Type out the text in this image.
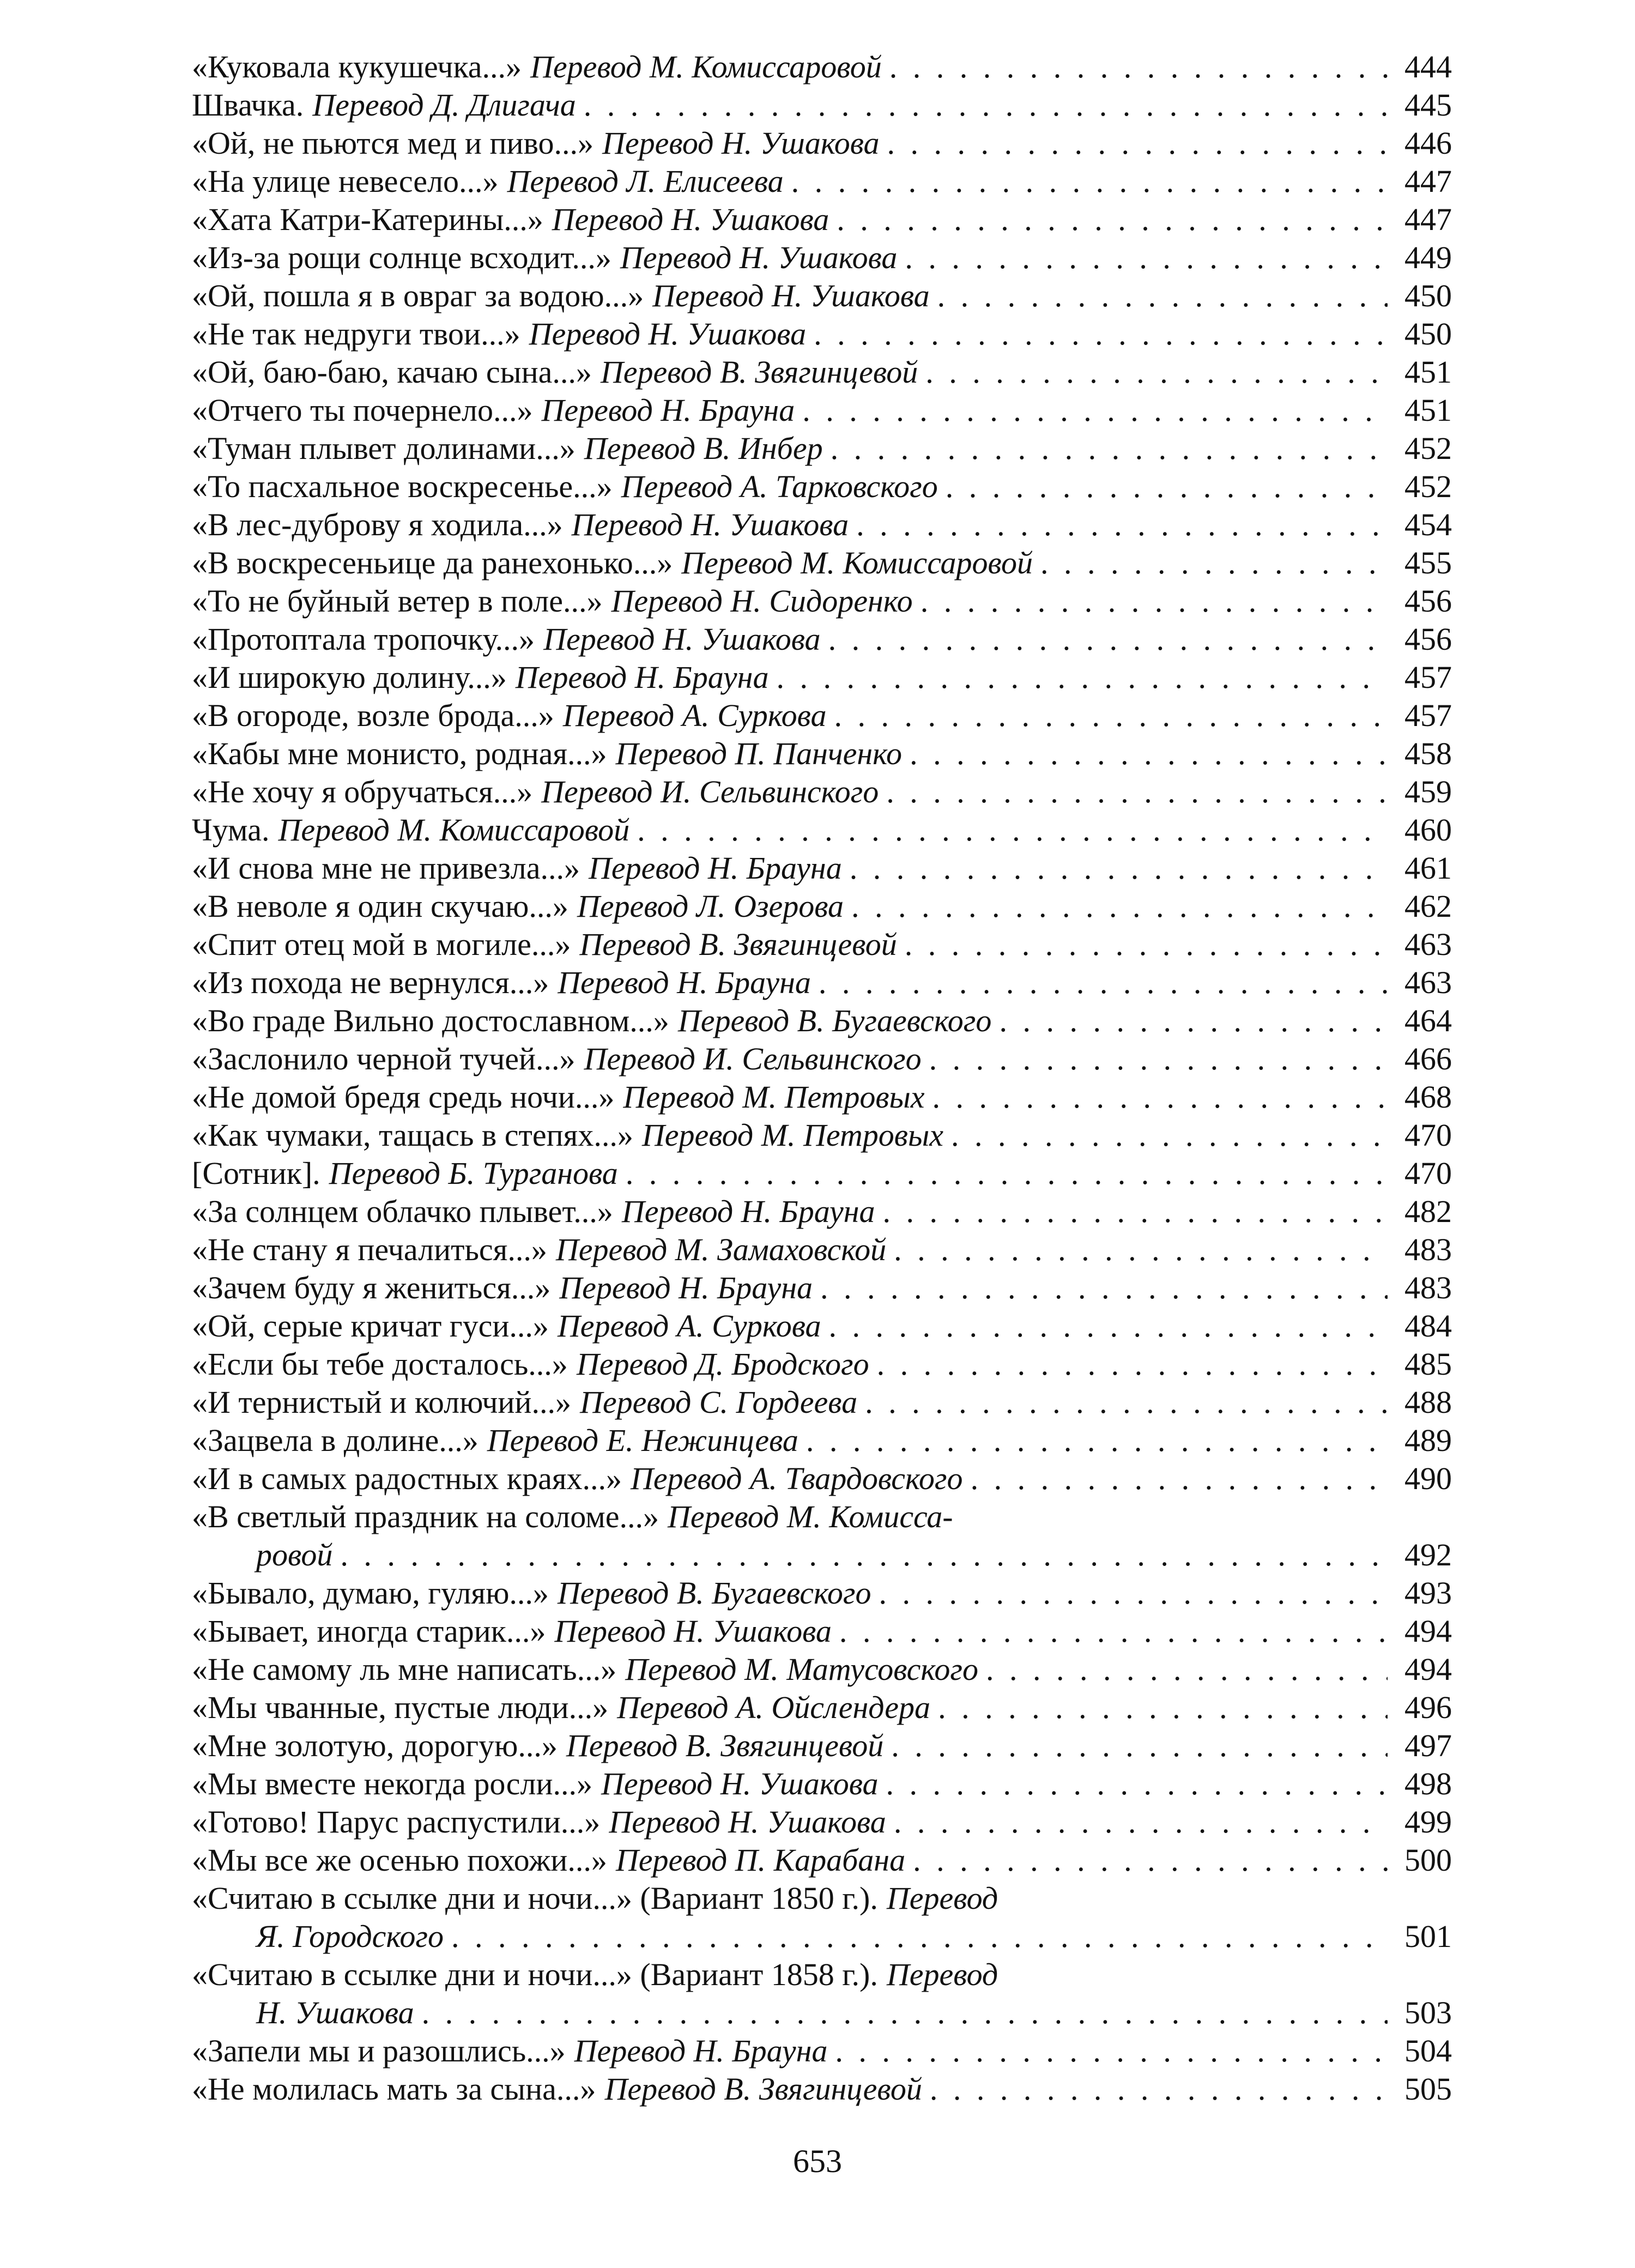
«Куковала кукушечка...» Перевод М. Комиссаровой . . .	444
Швачка. Перевод Д. Длигача . . .	445
«Ой, не пьются мед и пиво...» Перевод Н. Ушакова . . .	446
«На улице невесело...» Перевод Л. Елисеева . . .	447
«Хата Катри-Катерины...» Перевод Н. Ушакова . . .	447
«Из-за рощи солнце всходит...» Перевод Н. Ушакова . . .	449
«Ой, пошла я в овраг за водою...» Перевод Н. Ушакова . . .	450
«Не так недруги твои...» Перевод Н. Ушакова . . .	450
«Ой, баю-баю, качаю сына...» Перевод В. Звягинцевой . . .	451
«Отчего ты почернело...» Перевод Н. Брауна . . .	451
«Туман плывет долинами...» Перевод В. Инбер . . .	452
«То пасхальное воскресенье...» Перевод А. Тарковского . . .	452
«В лес-дуброву я ходила...» Перевод Н. Ушакова . . .	454
«В воскресеньице да ранехонько...» Перевод М. Комиссаровой . . .	455
«То не буйный ветер в поле...» Перевод Н. Сидоренко . . .	456
«Протоптала тропочку...» Перевод Н. Ушакова . . .	456
«И широкую долину...» Перевод Н. Брауна . . .	457
«В огороде, возле брода...» Перевод А. Суркова . . .	457
«Кабы мне монисто, родная...» Перевод П. Панченко . . .	458
«Не хочу я обручаться...» Перевод И. Сельвинского . . .	459
Чума. Перевод М. Комиссаровой . . .	460
«И снова мне не привезла...» Перевод Н. Брауна . . .	461
«В неволе я один скучаю...» Перевод Л. Озерова . . .	462
«Спит отец мой в могиле...» Перевод В. Звягинцевой . . .	463
«Из похода не вернулся...» Перевод Н. Брауна . . .	463
«Во граде Вильно достославном...» Перевод В. Бугаевского . . .	464
«Заслонило черной тучей...» Перевод И. Сельвинского . . .	466
«Не домой бредя средь ночи...» Перевод М. Петровых . . .	468
«Как чумаки, тащась в степях...» Перевод М. Петровых . . .	470
[Сотник]. Перевод Б. Турганова . . .	470
«За солнцем облачко плывет...» Перевод Н. Брауна . . .	482
«Не стану я печалиться...» Перевод М. Замаховской . . .	483
«Зачем буду я жениться...» Перевод Н. Брауна . . .	483
«Ой, серые кричат гуси...» Перевод А. Суркова . . .	484
«Если бы тебе досталось...» Перевод Д. Бродского . . .	485
«И тернистый и колючий...» Перевод С. Гордеева . . .	488
«Зацвела в долине...» Перевод Е. Нежинцева . . .	489
«И в самых радостных краях...» Перевод А. Твардовского . . .	490
«В светлый праздник на соломе...» Перевод М. Комисса-
ровой . . .	492
«Бывало, думаю, гуляю...» Перевод В. Бугаевского . . .	493
«Бывает, иногда старик...» Перевод Н. Ушакова . . .	494
«Не самому ль мне написать...» Перевод М. Матусовского . . .	494
«Мы чванные, пустые люди...» Перевод А. Ойслендера . . .	496
«Мне золотую, дорогую...» Перевод В. Звягинцевой . . .	497
«Мы вместе некогда росли...» Перевод Н. Ушакова . . .	498
«Готово! Парус распустили...» Перевод Н. Ушакова . . .	499
«Мы все же осенью похожи...» Перевод П. Карабана . . .	500
«Считаю в ссылке дни и ночи...» (Вариант 1850 г.). Перевод
Я. Городского . . .	501
«Считаю в ссылке дни и ночи...» (Вариант 1858 г.). Перевод
Н. Ушакова . . .	503
«Запели мы и разошлись...» Перевод Н. Брауна . . .	504
«Не молилась мать за сына...» Перевод В. Звягинцевой . . .	505
653
